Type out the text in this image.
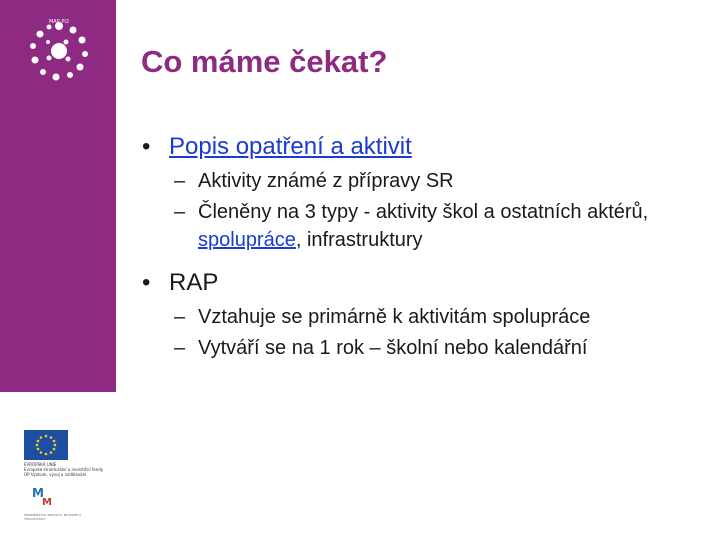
MAP PI2
EVROPSKÁ UNIE
Evropské strukturální a investiční fondy
OP Výzkum, vývoj a vzdělávání
M
M
MINISTERSTVO ŠKOLSTVÍ, MLÁDEŽE A TĚLOVÝCHOVY
Co máme čekat?
• Popis opatření a aktivit
– Aktivity známé z přípravy SR
– Členěny na 3 typy - aktivity škol a ostatních aktérů, spolupráce, infrastruktury
• RAP
– Vztahuje se primárně k aktivitám spolupráce
– Vytváří se na 1 rok – školní nebo kalendářní
